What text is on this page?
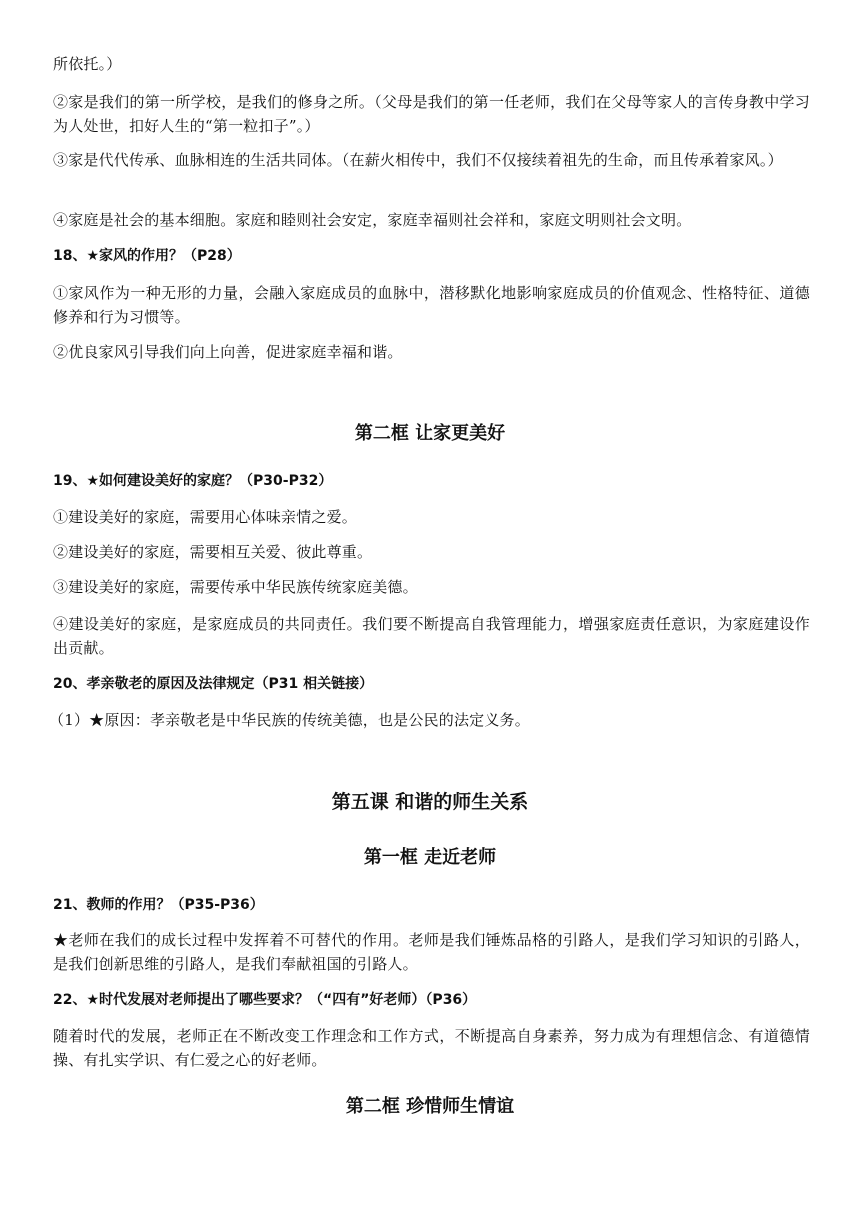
所依托。）

②家是我们的第一所学校，是我们的修身之所。（父母是我们的第一任老师，我们在父母等家人的言传身教中学习为人处世，扣好人生的“第一粒扣子”。）

③家是代代传承、血脉相连的生活共同体。（在薪火相传中，我们不仅接续着祖先的生命，而且传承着家风。）

④家庭是社会的基本细胞。家庭和睦则社会安定，家庭幸福则社会祥和，家庭文明则社会文明。

18、★家风的作用？（P28）

①家风作为一种无形的力量，会融入家庭成员的血脉中，潜移默化地影响家庭成员的价值观念、性格特征、道德修养和行为习惯等。

②优良家风引导我们向上向善，促进家庭幸福和谐。

第二框 让家更美好

19、★如何建设美好的家庭？（P30-P32）

①建设美好的家庭，需要用心体味亲情之爱。

②建设美好的家庭，需要相互关爱、彼此尊重。

③建设美好的家庭，需要传承中华民族传统家庭美德。

④建设美好的家庭，是家庭成员的共同责任。我们要不断提高自我管理能力，增强家庭责任意识，为家庭建设作出贡献。

20、孝亲敬老的原因及法律规定（P31 相关链接）

（1）★原因：孝亲敬老是中华民族的传统美德，也是公民的法定义务。

第五课 和谐的师生关系
第一框 走近老师

21、教师的作用？（P35-P36）

★老师在我们的成长过程中发挥着不可替代的作用。老师是我们锤炼品格的引路人，是我们学习知识的引路人，是我们创新思维的引路人，是我们奉献祖国的引路人。

22、★时代发展对老师提出了哪些要求？（“四有”好老师）（P36）

随着时代的发展，老师正在不断改变工作理念和工作方式，不断提高自身素养，努力成为有理想信念、有道德情操、有扎实学识、有仁爱之心的好老师。

第二框 珍惜师生情谊
